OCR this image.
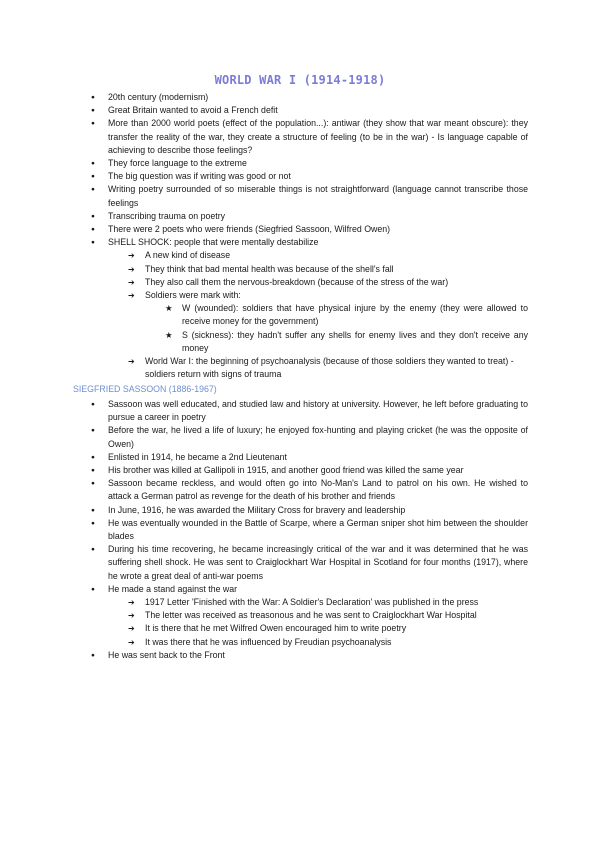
WORLD WAR I (1914-1918)
● 20th century (modernism)
● Great Britain wanted to avoid a French defit
● More than 2000 world poets (effect of the population...): antiwar (they show that war meant obscure): they transfer the reality of the war, they create a structure of feeling (to be in the war) - Is language capable of achieving to describe those feelings?
● They force language to the extreme
● The big question was if writing was good or not
● Writing poetry surrounded of so miserable things is not straightforward (language cannot transcribe those feelings
● Transcribing trauma on poetry
● There were 2 poets who were friends (Siegfried Sassoon, Wilfred Owen)
● SHELL SHOCK: people that were mentally destabilize
➔ A new kind of disease
➔ They think that bad mental health was because of the shell's fall
➔ They also call them the nervous-breakdown (because of the stress of the war)
➔ Soldiers were mark with:
★ W (wounded): soldiers that have physical injure by the enemy (they were allowed to receive money for the government)
★ S (sickness): they hadn't suffer any shells for enemy lives and they don't receive any money
➔ World War I: the beginning of psychoanalysis (because of those soldiers they wanted to treat) - soldiers return with signs of trauma
SIEGFRIED SASSOON (1886-1967)
● Sassoon was well educated, and studied law and history at university. However, he left before graduating to pursue a career in poetry
● Before the war, he lived a life of luxury; he enjoyed fox-hunting and playing cricket (he was the opposite of Owen)
● Enlisted in 1914, he became a 2nd Lieutenant
● His brother was killed at Gallipoli in 1915, and another good friend was killed the same year
● Sassoon became reckless, and would often go into No-Man's Land to patrol on his own. He wished to attack a German patrol as revenge for the death of his brother and friends
● In June, 1916, he was awarded the Military Cross for bravery and leadership
● He was eventually wounded in the Battle of Scarpe, where a German sniper shot him between the shoulder blades
● During his time recovering, he became increasingly critical of the war and it was determined that he was suffering shell shock. He was sent to Craiglockhart War Hospital in Scotland for four months (1917), where he wrote a great deal of anti-war poems
● He made a stand against the war
➔ 1917 Letter 'Finished with the War: A Soldier's Declaration' was published in the press
➔ The letter was received as treasonous and he was sent to Craiglockhart War Hospital
➔ It is there that he met Wilfred Owen encouraged him to write poetry
➔ It was there that he was influenced by Freudian psychoanalysis
● He was sent back to the Front
